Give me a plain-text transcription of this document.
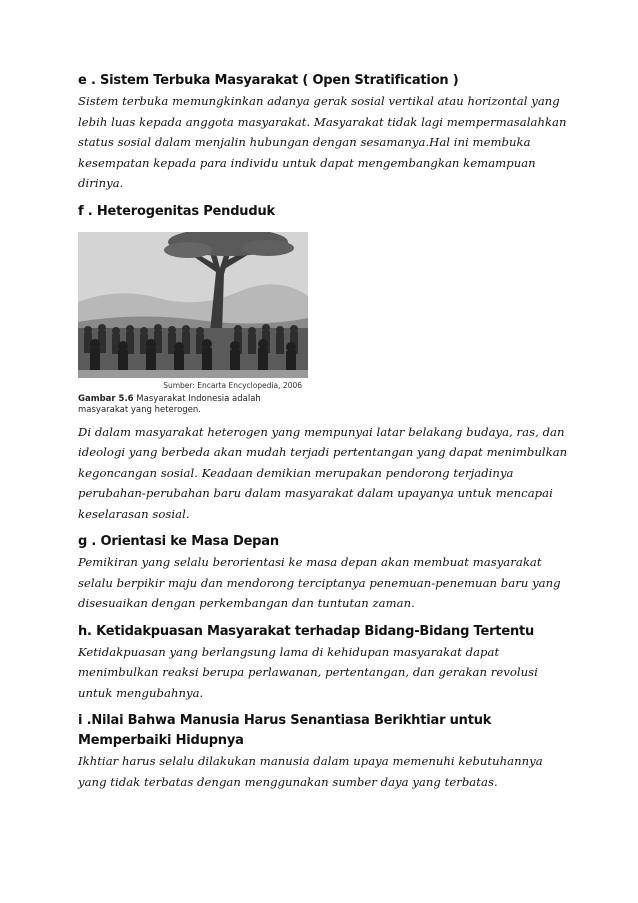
e . Sistem Terbuka Masyarakat ( Open Stratification )

Sistem terbuka memungkinkan adanya gerak sosial vertikal atau horizontal yang lebih luas kepada anggota masyarakat. Masyarakat tidak lagi mempermasalahkan status sosial dalam menjalin hubungan dengan sesamanya.Hal ini membuka kesempatan kepada para individu untuk dapat mengembangkan kemampuan dirinya.

f . Heterogenitas Penduduk
Sumber: Encarta Encyclopedia, 2006
Gambar 5.6 Masyarakat Indonesia adalah masyarakat yang heterogen.

Di dalam masyarakat heterogen yang mempunyai latar belakang budaya, ras, dan ideologi yang berbeda akan mudah terjadi pertentangan yang dapat menimbulkan kegoncangan sosial. Keadaan demikian merupakan pendorong terjadinya perubahan-perubahan baru dalam masyarakat dalam upayanya untuk mencapai keselarasan sosial.

g . Orientasi ke Masa Depan

Pemikiran yang selalu berorientasi ke masa depan akan membuat masyarakat selalu berpikir maju dan mendorong terciptanya penemuan-penemuan baru yang disesuaikan dengan perkembangan dan tuntutan zaman.

h. Ketidakpuasan Masyarakat terhadap Bidang-Bidang Tertentu

Ketidakpuasan yang berlangsung lama di kehidupan masyarakat dapat menimbulkan reaksi berupa perlawanan, pertentangan, dan gerakan revolusi untuk mengubahnya.

i .Nilai Bahwa Manusia Harus Senantiasa Berikhtiar untuk Memperbaiki Hidupnya

Ikhtiar harus selalu dilakukan manusia dalam upaya memenuhi kebutuhannya yang tidak terbatas dengan menggunakan sumber daya yang terbatas.
